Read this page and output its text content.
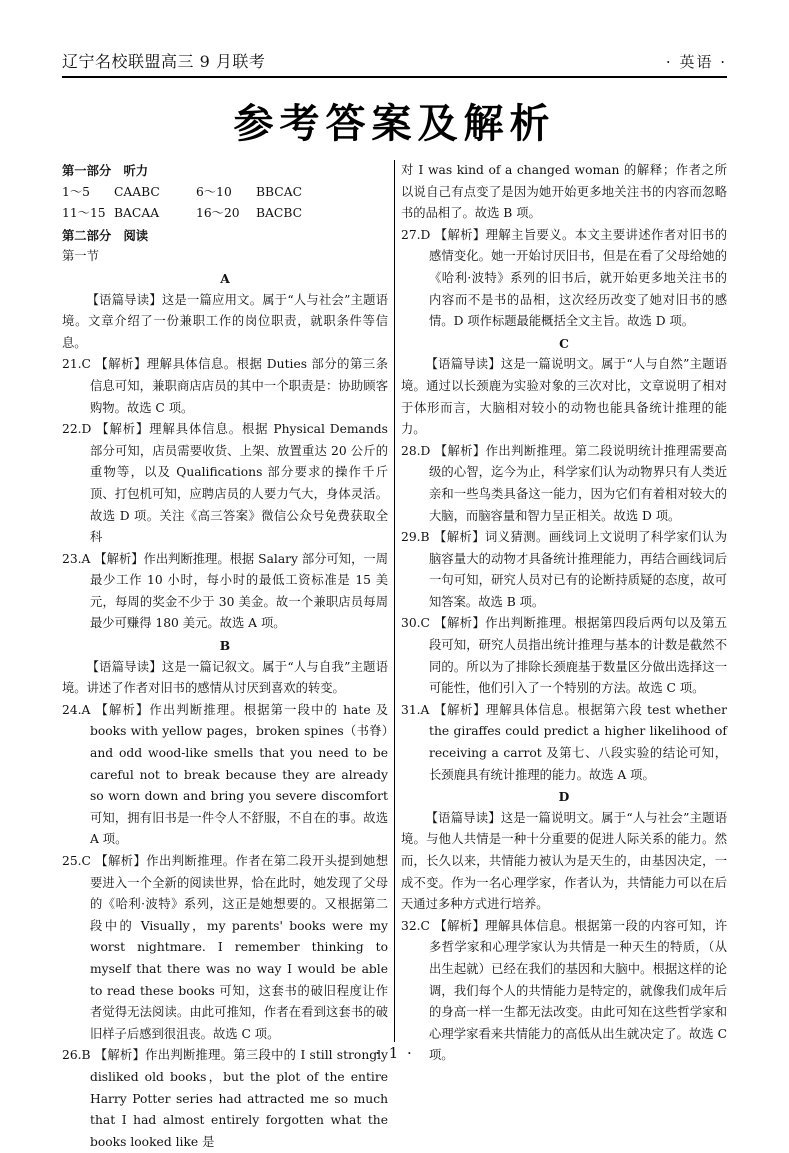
辽宁名校联盟高三 9 月联考	· 英语 ·
参考答案及解析

第一部分　听力

1～5	CAABC	6～10	BBCAC
11～15 BACAA	16～20	BACBC

第二部分　阅读

第一节

A

【语篇导读】这是一篇应用文。属于“人与社会”主题语境。文章介绍了一份兼职工作的岗位职责，就职条件等信息。

21.C 【解析】理解具体信息。根据 Duties 部分的第三条信息可知，兼职商店店员的其中一个职责是：协助顾客购物。故选 C 项。

22.D 【解析】理解具体信息。根据 Physical Demands 部分可知，店员需要收货、上架、放置重达 20 公斤的重物等，以及 Qualifications 部分要求的操作千斤顶、打包机可知，应聘店员的人要力气大，身体灵活。故选 D 项。关注《高三答案》微信公众号免费获取全科

23.A 【解析】作出判断推理。根据 Salary 部分可知，一周最少工作 10 小时，每小时的最低工资标准是 15 美元，每周的奖金不少于 30 美金。故一个兼职店员每周最少可赚得 180 美元。故选 A 项。

B

【语篇导读】这是一篇记叙文。属于“人与自我”主题语境。讲述了作者对旧书的感情从讨厌到喜欢的转变。

24.A 【解析】作出判断推理。根据第一段中的 hate 及 books with yellow pages，broken spines（书脊）and odd wood-like smells that you need to be careful not to break because they are already so worn down and bring you severe discomfort 可知，拥有旧书是一件令人不舒服，不自在的事。故选 A 项。

25.C 【解析】作出判断推理。作者在第二段开头提到她想要进入一个全新的阅读世界，恰在此时，她发现了父母的《哈利·波特》系列，这正是她想要的。又根据第二段中的 Visually，my parents' books were my worst nightmare. I remember thinking to myself that there was no way I would be able to read these books 可知，这套书的破旧程度让作者觉得无法阅读。由此可推知，作者在看到这套书的破旧样子后感到很沮丧。故选 C 项。

26.B 【解析】作出判断推理。第三段中的 I still strongly disliked old books，but the plot of the entire Harry Potter series had attracted me so much that I had almost entirely forgotten what the books looked like 是

对 I was kind of a changed woman 的解释；作者之所以说自己有点变了是因为她开始更多地关注书的内容而忽略书的品相了。故选 B 项。

27.D 【解析】理解主旨要义。本文主要讲述作者对旧书的感情变化。她一开始讨厌旧书，但是在看了父母给她的《哈利·波特》系列的旧书后，就开始更多地关注书的内容而不是书的品相，这次经历改变了她对旧书的感情。D 项作标题最能概括全文主旨。故选 D 项。

C

【语篇导读】这是一篇说明文。属于“人与自然”主题语境。通过以长颈鹿为实验对象的三次对比，文章说明了相对于体形而言，大脑相对较小的动物也能具备统计推理的能力。

28.D 【解析】作出判断推理。第二段说明统计推理需要高级的心智，迄今为止，科学家们认为动物界只有人类近亲和一些鸟类具备这一能力，因为它们有着相对较大的大脑，而脑容量和智力呈正相关。故选 D 项。

29.B 【解析】词义猜测。画线词上文说明了科学家们认为脑容量大的动物才具备统计推理能力，再结合画线词后一句可知，研究人员对已有的论断持质疑的态度，故可知答案。故选 B 项。

30.C 【解析】作出判断推理。根据第四段后两句以及第五段可知，研究人员指出统计推理与基本的计数是截然不同的。所以为了排除长颈鹿基于数量区分做出选择这一可能性，他们引入了一个特别的方法。故选 C 项。

31.A 【解析】理解具体信息。根据第六段 test whether the giraffes could predict a higher likelihood of receiving a carrot 及第七、八段实验的结论可知，长颈鹿具有统计推理的能力。故选 A 项。

D

【语篇导读】这是一篇说明文。属于“人与社会”主题语境。与他人共情是一种十分重要的促进人际关系的能力。然而，长久以来，共情能力被认为是天生的，由基因决定，一成不变。作为一名心理学家，作者认为，共情能力可以在后天通过多种方式进行培养。

32.C 【解析】理解具体信息。根据第一段的内容可知，许多哲学家和心理学家认为共情是一种天生的特质，（从出生起就）已经在我们的基因和大脑中。根据这样的论调，我们每个人的共情能力是特定的，就像我们成年后的身高一样一生都无法改变。由此可知在这些哲学家和心理学家看来共情能力的高低从出生就决定了。故选 C 项。

· 1 ·
